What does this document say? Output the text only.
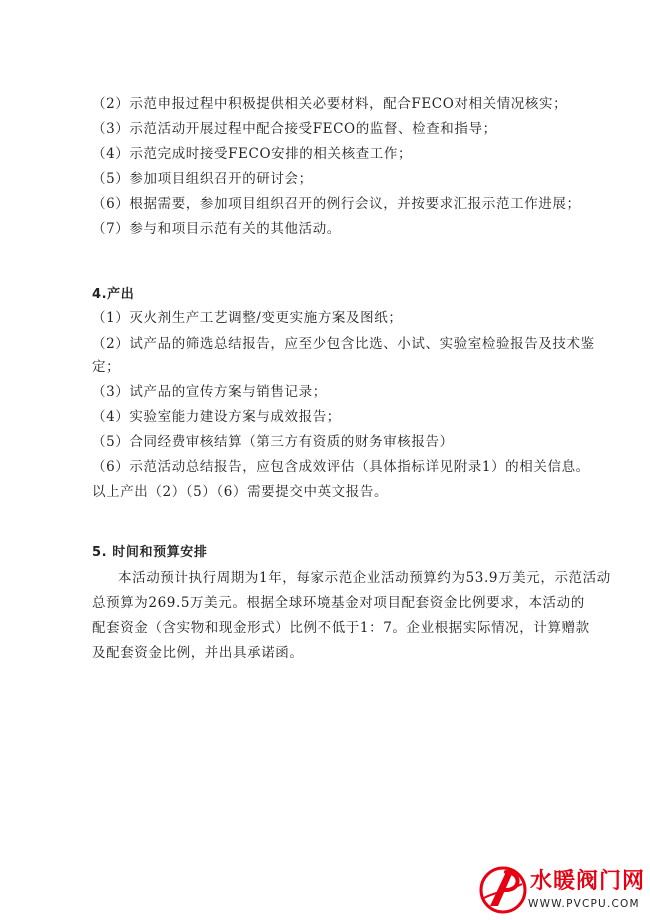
（2）示范申报过程中积极提供相关必要材料，配合FECO对相关情况核实；
（3）示范活动开展过程中配合接受FECO的监督、检查和指导；
（4）示范完成时接受FECO安排的相关核查工作；
（5）参加项目组织召开的研讨会；
（6）根据需要，参加项目组织召开的例行会议，并按要求汇报示范工作进展；
（7）参与和项目示范有关的其他活动。
4.产出
（1）灭火剂生产工艺调整/变更实施方案及图纸；
（2）试产品的筛选总结报告，应至少包含比选、小试、实验室检验报告及技术鉴
定；
（3）试产品的宣传方案与销售记录；
（4）实验室能力建设方案与成效报告；
（5）合同经费审核结算（第三方有资质的财务审核报告）
（6）示范活动总结报告，应包含成效评估（具体指标详见附录1）的相关信息。
以上产出（2）（5）（6）需要提交中英文报告。
5. 时间和预算安排
本活动预计执行周期为1年，每家示范企业活动预算约为53.9万美元，示范活动
总预算为269.5万美元。根据全球环境基金对项目配套资金比例要求，本活动的
配套资金（含实物和现金形式）比例不低于1：7。企业根据实际情况，计算赠款
及配套资金比例，并出具承诺函。
水暖阀门网
WWW.PVCPU.COM
